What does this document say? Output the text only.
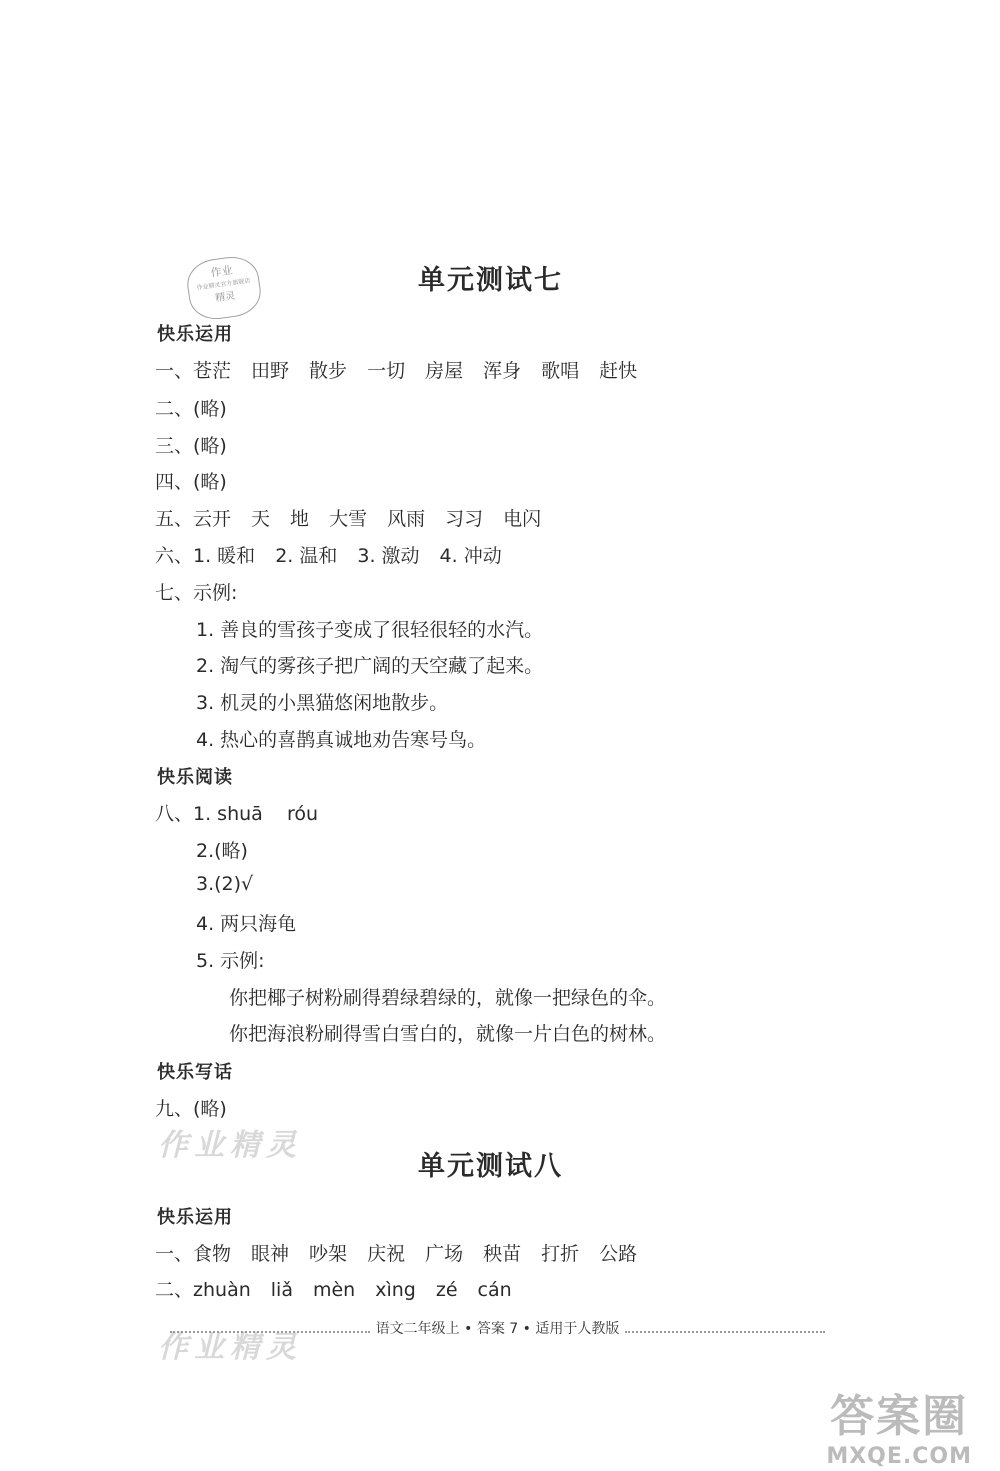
作业
作业精灵官方旗舰店
精灵
单元测试七
快乐运用
一、苍茫 田野 散步 一切 房屋 浑身 歌唱 赶快
二、(略)
三、(略)
四、(略)
五、云开 天 地 大雪 风雨 习习 电闪
六、1. 暖和 2. 温和 3. 激动 4. 冲动
七、示例:
1. 善良的雪孩子变成了很轻很轻的水汽。
2. 淘气的雾孩子把广阔的天空藏了起来。
3. 机灵的小黑猫悠闲地散步。
4. 热心的喜鹊真诚地劝告寒号鸟。
快乐阅读
八、1. shuā    róu
2.(略)
3.(2)√
4. 两只海龟
5. 示例:
你把椰子树粉刷得碧绿碧绿的，就像一把绿色的伞。
你把海浪粉刷得雪白雪白的，就像一片白色的树林。
快乐写话
九、(略)
作业精灵
作业精灵
单元测试八
快乐运用
一、食物 眼神 吵架 庆祝 广场 秧苗 打折 公路
二、zhuàn liǎ mèn xìng zé cán
语文二年级上 • 答案 7 • 适用于人教版
答案圈
MXQE.COM
